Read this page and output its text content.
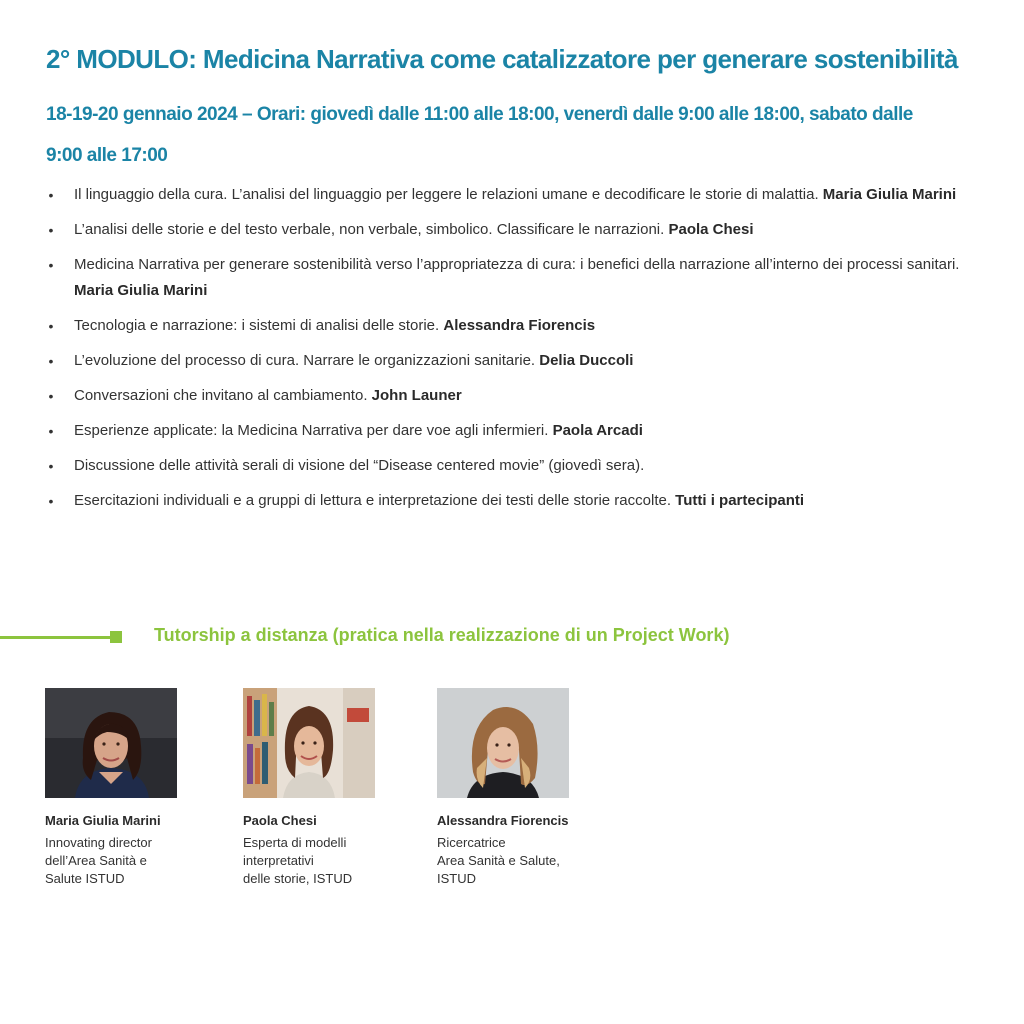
2° MODULO: Medicina Narrativa come catalizzatore per generare sostenibilità

18-19-20 gennaio 2024 – Orari: giovedì dalle 11:00 alle 18:00, venerdì dalle 9:00 alle 18:00, sabato dalle 9:00 alle 17:00

• Il linguaggio della cura. L’analisi del linguaggio per leggere le relazioni umane e decodificare le storie di malattia. Maria Giulia Marini
• L’analisi delle storie e del testo verbale, non verbale, simbolico. Classificare le narrazioni. Paola Chesi
• Medicina Narrativa per generare sostenibilità verso l’appropriatezza di cura: i benefici della narrazione all’interno dei processi sanitari. Maria Giulia Marini
• Tecnologia e narrazione: i sistemi di analisi delle storie. Alessandra Fiorencis
• L’evoluzione del processo di cura. Narrare le organizzazioni sanitarie. Delia Duccoli
• Conversazioni che invitano al cambiamento. John Launer
• Esperienze applicate: la Medicina Narrativa per dare voe agli infermieri. Paola Arcadi
• Discussione delle attività serali di visione del “Disease centered movie” (giovedì sera).
• Esercitazioni individuali e a gruppi di lettura e interpretazione dei testi delle storie raccolte. Tutti i partecipanti
Tutorship a distanza (pratica nella realizzazione di un Project Work)
Maria Giulia Marini
Innovating director
dell’Area Sanità e
Salute ISTUD
Paola Chesi
Esperta di modelli
interpretativi
delle storie, ISTUD
Alessandra Fiorencis
Ricercatrice
Area Sanità e Salute,
ISTUD
